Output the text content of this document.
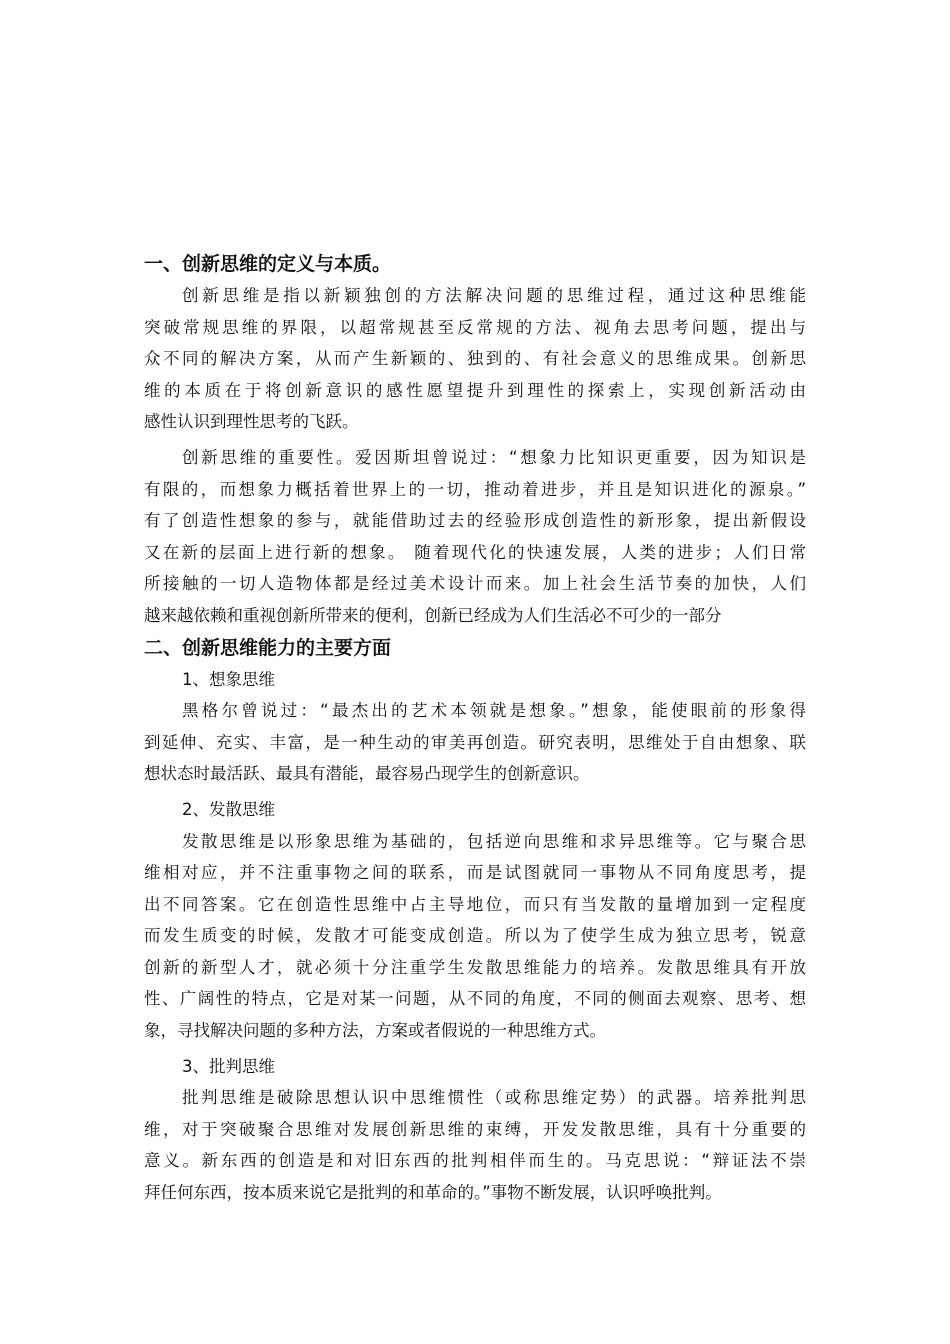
一、创新思维的定义与本质。
创新思维是指以新颖独创的方法解决问题的思维过程，通过这种思维能
突破常规思维的界限，以超常规甚至反常规的方法、视角去思考问题，提出与
众不同的解决方案，从而产生新颖的、独到的、有社会意义的思维成果。创新思
维的本质在于将创新意识的感性愿望提升到理性的探索上，实现创新活动由
感性认识到理性思考的飞跃。
创新思维的重要性。爱因斯坦曾说过：“想象力比知识更重要，因为知识是
有限的，而想象力概括着世界上的一切，推动着进步，并且是知识进化的源泉。”
有了创造性想象的参与，就能借助过去的经验形成创造性的新形象，提出新假设
又在新的层面上进行新的想象。 随着现代化的快速发展，人类的进步；人们日常
所接触的一切人造物体都是经过美术设计而来。加上社会生活节奏的加快，人们
越来越依赖和重视创新所带来的便利，创新已经成为人们生活必不可少的一部分
二、创新思维能力的主要方面

1、想象思维

黑格尔曾说过：“最杰出的艺术本领就是想象。”想象，能使眼前的形象得
到延伸、充实、丰富，是一种生动的审美再创造。研究表明，思维处于自由想象、联
想状态时最活跃、最具有潜能，最容易凸现学生的创新意识。

2、发散思维

发散思维是以形象思维为基础的，包括逆向思维和求异思维等。它与聚合思
维相对应，并不注重事物之间的联系，而是试图就同一事物从不同角度思考，提
出不同答案。它在创造性思维中占主导地位，而只有当发散的量增加到一定程度
而发生质变的时候，发散才可能变成创造。所以为了使学生成为独立思考，锐意
创新的新型人才，就必须十分注重学生发散思维能力的培养。发散思维具有开放
性、广阔性的特点，它是对某一问题，从不同的角度，不同的侧面去观察、思考、想
象，寻找解决问题的多种方法，方案或者假说的一种思维方式。

3、批判思维

批判思维是破除思想认识中思维惯性（或称思维定势）的武器。培养批判思
维，对于突破聚合思维对发展创新思维的束缚，开发发散思维，具有十分重要的
意义。新东西的创造是和对旧东西的批判相伴而生的。马克思说：“辩证法不崇
拜任何东西，按本质来说它是批判的和革命的。”事物不断发展，认识呼唤批判。
